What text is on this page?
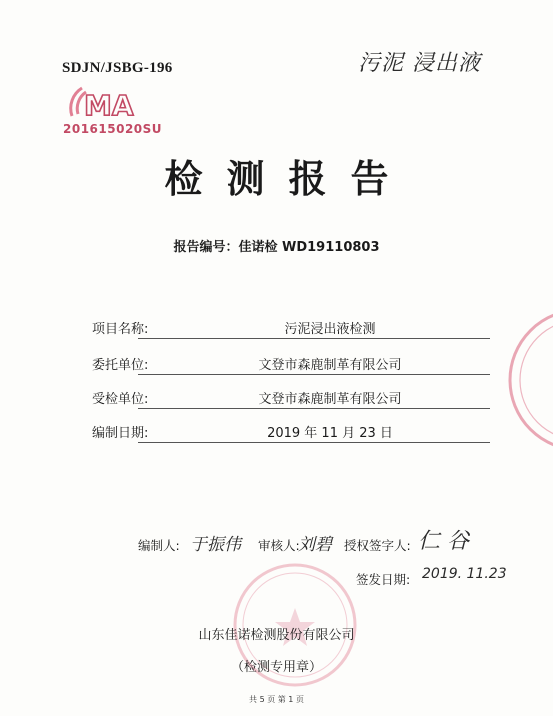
SDJN/JSBG-196	污泥 浸出液
MA
201615020SU
检测报告
报告编号：佳诺检 WD19110803
项目名称:	污泥浸出液检测
委托单位:	文登市森鹿制革有限公司
受检单位:	文登市森鹿制革有限公司
编制日期:	2019 年 11 月 23 日
编制人: 于振伟 审核人:
刘碧 授权签字人: 仁 谷
签发日期: 2019. 11.23
山东佳诺检测股份有限公司
（检测专用章）
共 5 页 第 1 页
